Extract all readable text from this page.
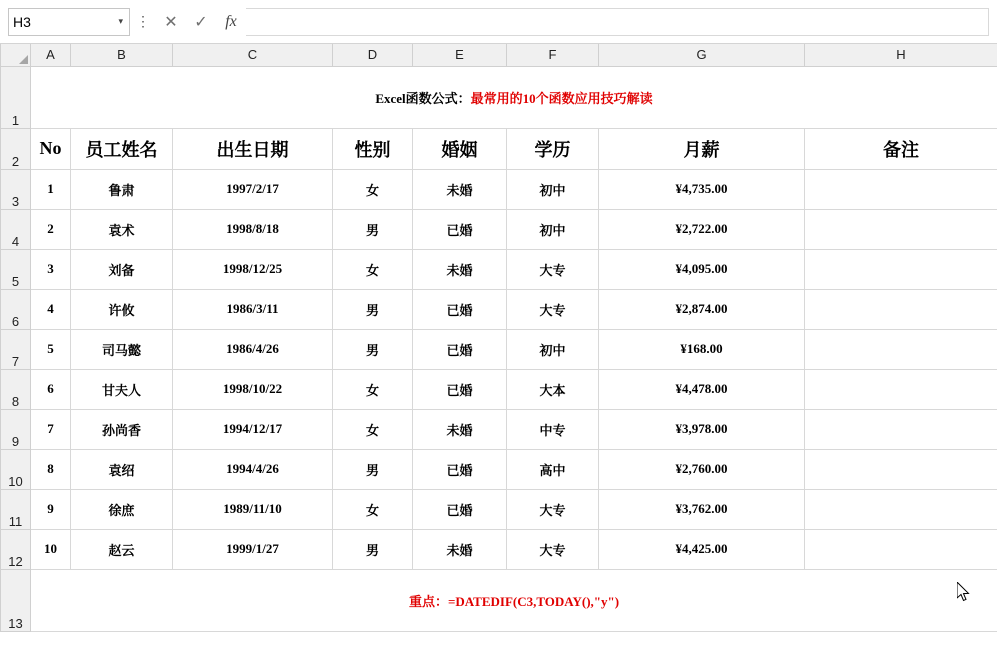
H3	▾ ⋮ ✕	✓	fx
	A	B	C	D	E	F	G	H
1	Excel函数公式：最常用的10个函数应用技巧解读							
2	No	员工姓名	出生日期	性别	婚姻	学历	月薪	备注
3	1	鲁肃	1997/2/17	女	未婚	初中	¥4,735.00	
4	2	袁术	1998/8/18	男	已婚	初中	¥2,722.00	
5	3	刘备	1998/12/25	女	未婚	大专	¥4,095.00	
6	4	许攸	1986/3/11	男	已婚	大专	¥2,874.00	
7	5	司马懿	1986/4/26	男	已婚	初中	¥168.00	
8	6	甘夫人	1998/10/22	女	已婚	大本	¥4,478.00	
9	7	孙尚香	1994/12/17	女	未婚	中专	¥3,978.00	
10	8	袁绍	1994/4/26	男	已婚	高中	¥2,760.00	
11	9	徐庶	1989/11/10	女	已婚	大专	¥3,762.00	
12	10	赵云	1999/1/27	男	未婚	大专	¥4,425.00	
13	重点：=DATEDIF(C3,TODAY(),"y")							
